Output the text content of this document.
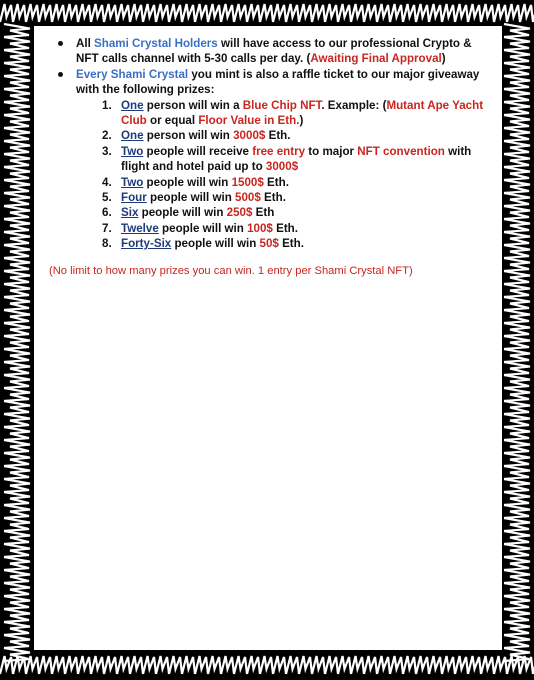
All Shami Crystal Holders will have access to our professional Crypto & NFT calls channel with 5-30 calls per day. (Awaiting Final Approval)
Every Shami Crystal you mint is also a raffle ticket to our major giveaway with the following prizes:
1. One person will win a Blue Chip NFT. Example: (Mutant Ape Yacht Club or equal Floor Value in Eth.)
2. One person will win 3000$ Eth.
3. Two people will receive free entry to major NFT convention with flight and hotel paid up to 3000$
4. Two people will win 1500$ Eth.
5. Four people will win 500$ Eth.
6. Six people will win 250$ Eth
7. Twelve people will win 100$ Eth.
8. Forty-Six people will win 50$ Eth.
(No limit to how many prizes you can win. 1 entry per Shami Crystal NFT)
